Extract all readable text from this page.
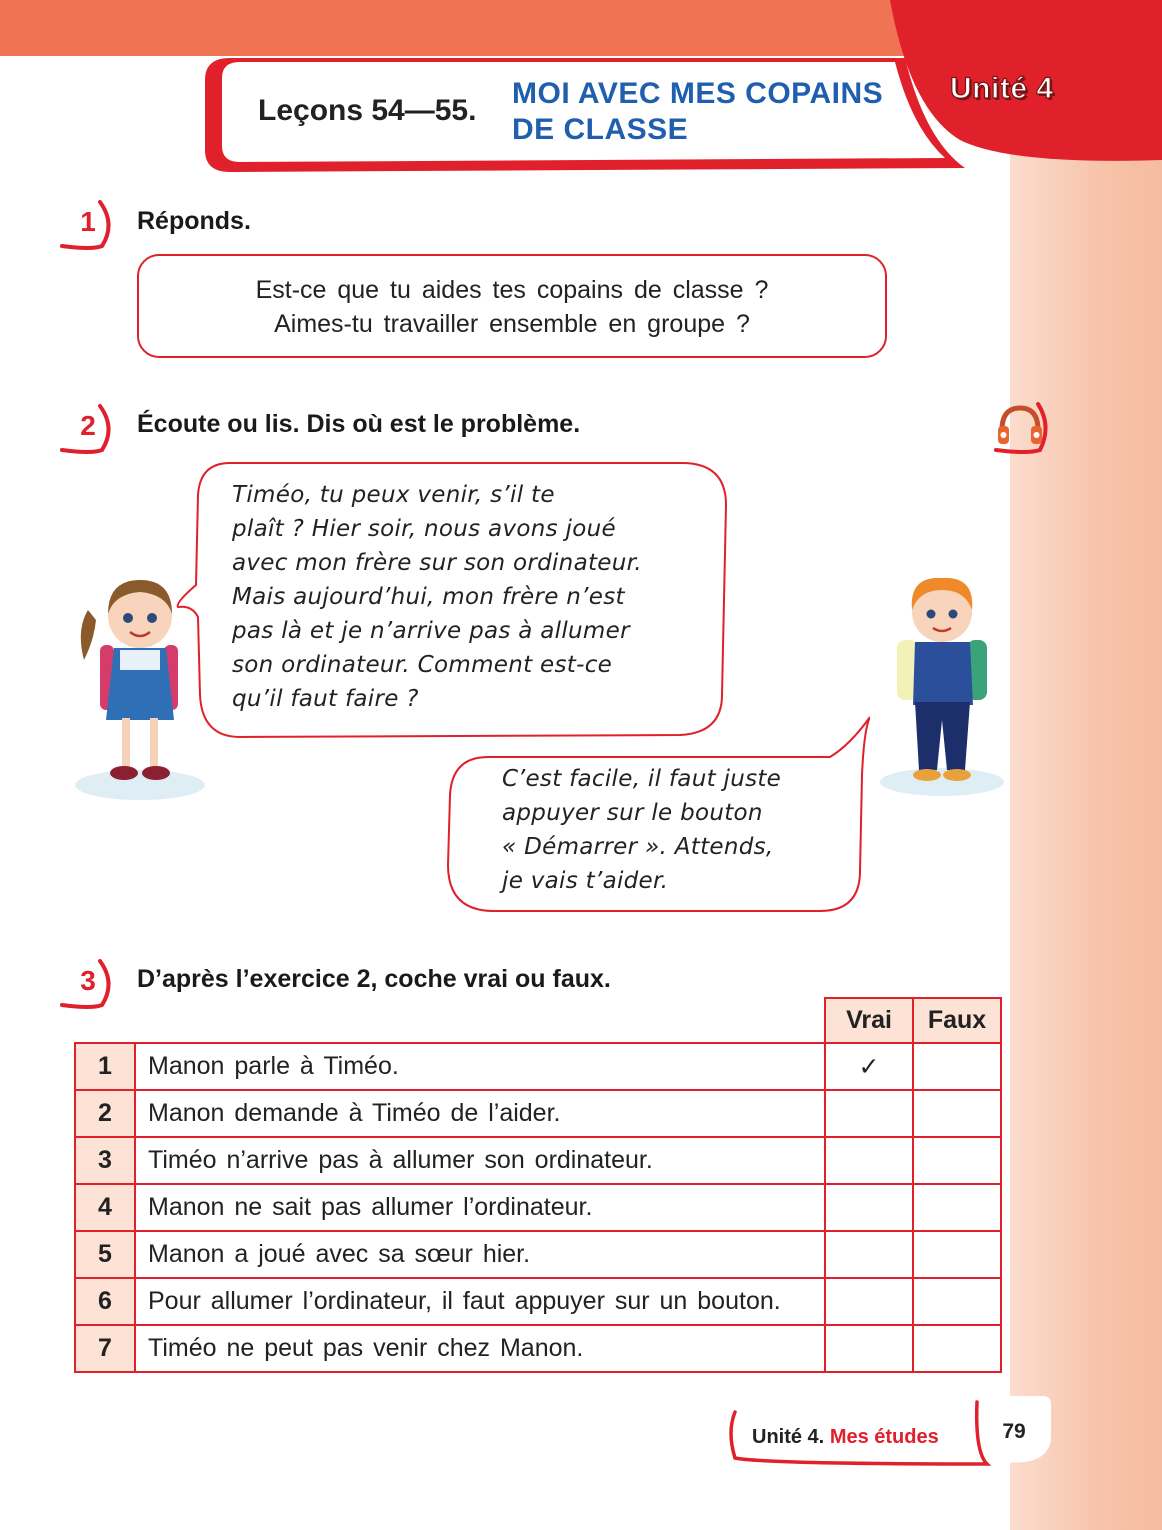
Leçons 54—55.
MOI AVEC MES COPAINS
DE CLASSE
Unité 4
1	Réponds.
Est-ce que tu aides tes copains de classe ?
Aimes-tu travailler ensemble en groupe ?
2	Écoute ou lis. Dis où est le problème.
Timéo, tu peux venir, s’il te
plaît ? Hier soir, nous avons joué
avec mon frère sur son ordinateur.
Mais aujourd’hui, mon frère n’est
pas là et je n’arrive pas à allumer
son ordinateur. Comment est-ce
qu’il faut faire ?
C’est facile, il faut juste
appuyer sur le bouton
« Démarrer ». Attends,
je vais t’aider.
3	D’après l’exercice 2, coche vrai ou faux.
		Vrai	Faux
1	Manon parle à Timéo.	✓	
2	Manon demande à Timéo de l’aider.		
3	Timéo n’arrive pas à allumer son ordinateur.		
4	Manon ne sait pas allumer l’ordinateur.		
5	Manon a joué avec sa sœur hier.		
6	Pour allumer l’ordinateur, il faut appuyer sur un bouton.		
7	Timéo ne peut pas venir chez Manon.		
Unité 4. Mes études	79
